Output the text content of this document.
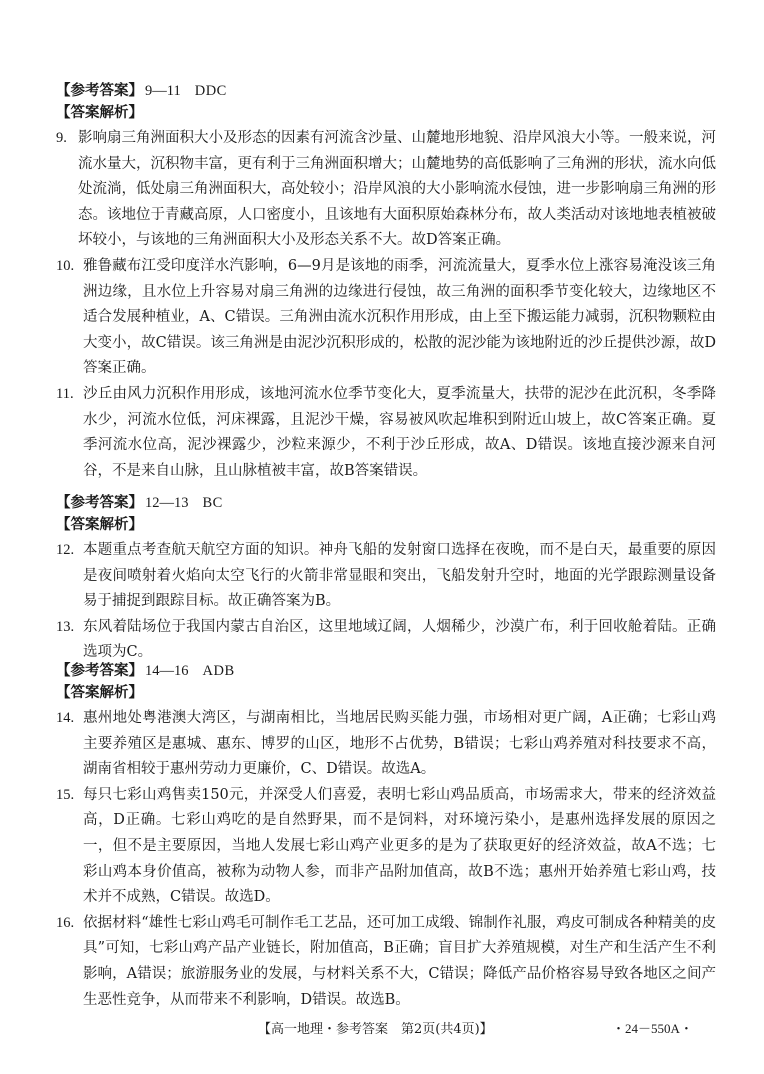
【参考答案】 9—11 DDC
【答案解析】
9. 影响扇三角洲面积大小及形态的因素有河流含沙量、山麓地形地貌、沿岸风浪大小等。一般来说，河流水量大，沉积物丰富，更有利于三角洲面积增大；山麓地势的高低影响了三角洲的形状，流水向低处流淌，低处扇三角洲面积大，高处较小；沿岸风浪的大小影响流水侵蚀，进一步影响扇三角洲的形态。该地位于青藏高原，人口密度小，且该地有大面积原始森林分布，故人类活动对该地地表植被破坏较小，与该地的三角洲面积大小及形态关系不大。故D答案正确。
10. 雅鲁藏布江受印度洋水汽影响，6—9月是该地的雨季，河流流量大，夏季水位上涨容易淹没该三角洲边缘，且水位上升容易对扇三角洲的边缘进行侵蚀，故三角洲的面积季节变化较大，边缘地区不适合发展种植业，A、C错误。三角洲由流水沉积作用形成，由上至下搬运能力减弱，沉积物颗粒由大变小，故C错误。该三角洲是由泥沙沉积形成的，松散的泥沙能为该地附近的沙丘提供沙源，故D答案正确。
11. 沙丘由风力沉积作用形成，该地河流水位季节变化大，夏季流量大，扶带的泥沙在此沉积，冬季降水少，河流水位低，河床裸露，且泥沙干燥，容易被风吹起堆积到附近山坡上，故C答案正确。夏季河流水位高，泥沙裸露少，沙粒来源少，不利于沙丘形成，故A、D错误。该地直接沙源来自河谷，不是来自山脉，且山脉植被丰富，故B答案错误。
【参考答案】 12—13 BC
【答案解析】
12. 本题重点考查航天航空方面的知识。神舟飞船的发射窗口选择在夜晚，而不是白天，最重要的原因是夜间喷射着火焰向太空飞行的火箭非常显眼和突出，飞船发射升空时，地面的光学跟踪测量设备易于捕捉到跟踪目标。故正确答案为B。
13. 东风着陆场位于我国内蒙古自治区，这里地域辽阔，人烟稀少，沙漠广布，利于回收舱着陆。正确选项为C。
【参考答案】 14—16 ADB
【答案解析】
14. 惠州地处粤港澳大湾区，与湖南相比，当地居民购买能力强，市场相对更广阔，A正确；七彩山鸡主要养殖区是惠城、惠东、博罗的山区，地形不占优势，B错误；七彩山鸡养殖对科技要求不高，湖南省相较于惠州劳动力更廉价，C、D错误。故选A。
15. 每只七彩山鸡售卖150元，并深受人们喜爱，表明七彩山鸡品质高，市场需求大，带来的经济效益高，D正确。七彩山鸡吃的是自然野果，而不是饲料，对环境污染小，是惠州选择发展的原因之一，但不是主要原因，当地人发展七彩山鸡产业更多的是为了获取更好的经济效益，故A不选；七彩山鸡本身价值高，被称为动物人参，而非产品附加值高，故B不选；惠州开始养殖七彩山鸡，技术并不成熟，C错误。故选D。
16. 依据材料“雄性七彩山鸡毛可制作毛工艺品，还可加工成缎、锦制作礼服，鸡皮可制成各种精美的皮具”可知，七彩山鸡产品产业链长，附加值高，B正确；盲目扩大养殖规模，对生产和生活产生不利影响，A错误；旅游服务业的发展，与材料关系不大，C错误；降低产品价格容易导致各地区之间产生恶性竞争，从而带来不利影响，D错误。故选B。
【高一地理・参考答案　第2页(共4页)】	・24－550A・
